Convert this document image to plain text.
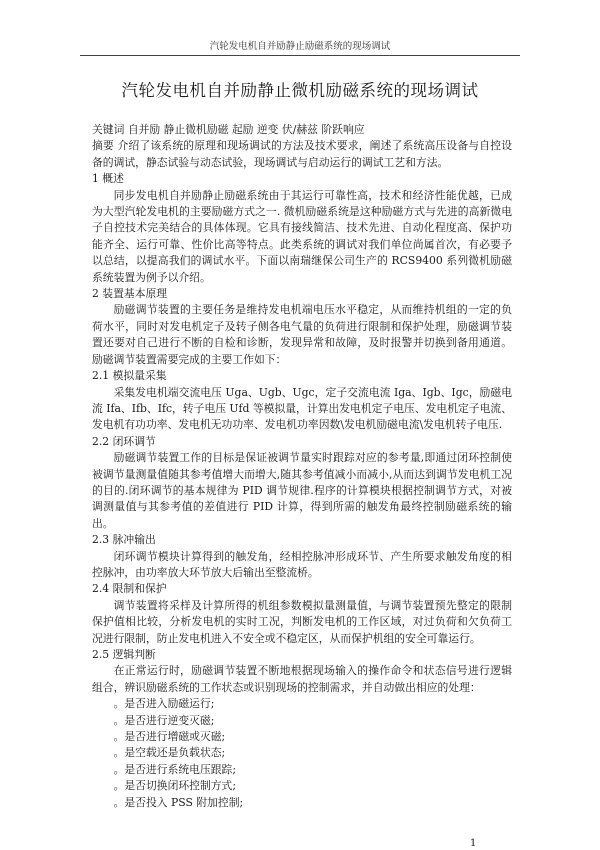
汽轮发电机自并励静止励磁系统的现场调试
汽轮发电机自并励静止微机励磁系统的现场调试

关键词 自并励 静止微机励磁 起励 逆变 伏/赫兹 阶跃响应

摘要 介绍了该系统的原理和现场调试的方法及技术要求，阐述了系统高压设备与自控设备的调试，静态试验与动态试验，现场调试与启动运行的调试工艺和方法。

1 概述

同步发电机自并励静止励磁系统由于其运行可靠性高，技术和经济性能优越，已成为大型汽轮发电机的主要励磁方式之一. 微机励磁系统是这种励磁方式与先进的高新微电子自控技术完美结合的具体体现。它具有接线简洁、技术先进、自动化程度高、保护功能齐全、运行可靠、性价比高等特点。此类系统的调试对我们单位尚属首次，有必要予以总结，以提高我们的调试水平。下面以南瑞继保公司生产的 RCS9400 系列微机励磁系统装置为例予以介绍。

2 装置基本原理

励磁调节装置的主要任务是维持发电机端电压水平稳定，从而维持机组的一定的负荷水平，同时对发电机定子及转子侧各电气量的负荷进行限制和保护处理，励磁调节装置还要对自己进行不断的自检和诊断，发现异常和故障，及时报警并切换到备用通道。励磁调节装置需要完成的主要工作如下：

2.1 模拟量采集

采集发电机端交流电压 Uga、Ugb、Ugc，定子交流电流 Iga、Igb、Igc，励磁电流 Ifa、Ifb、Ifc，转子电压 Ufd 等模拟量，计算出发电机定子电压、发电机定子电流、发电机有功功率、发电机无功功率、发电机功率因数\发电机励磁电流\发电机转子电压.

2.2 闭环调节

励磁调节装置工作的目标是保证被调节量实时跟踪对应的参考量,即通过闭环控制使被调节量测量值随其参考值增大而增大,随其参考值减小而减小,从而达到调节发电机工况的目的.闭环调节的基本规律为 PID 调节规律.程序的计算模块根据控制调节方式，对被调测量值与其参考值的差值进行 PID 计算，得到所需的触发角最终控制励磁系统的输出。

2.3 脉冲输出

闭环调节模块计算得到的触发角，经相控脉冲形成环节、产生所要求触发角度的相控脉冲，由功率放大环节放大后输出至整流桥。

2.4 限制和保护

调节装置将采样及计算所得的机组参数模拟量测量值，与调节装置预先整定的限制保护值相比较，分析发电机的实时工况，判断发电机的工作区域，对过负荷和欠负荷工况进行限制，防止发电机进入不安全或不稳定区，从而保护机组的安全可靠运行。

2.5 逻辑判断

在正常运行时，励磁调节装置不断地根据现场输入的操作命令和状态信号进行逻辑组合，辨识励磁系统的工作状态或识别现场的控制需求，并自动做出相应的处理：

。是否进入励磁运行;

。是否进行逆变灭磁;

。是否进行增磁或灭磁;

。是空载还是负载状态;

。是否进行系统电压跟踪;

。是否切换闭环控制方式;

。是否投入 PSS 附加控制;

1
